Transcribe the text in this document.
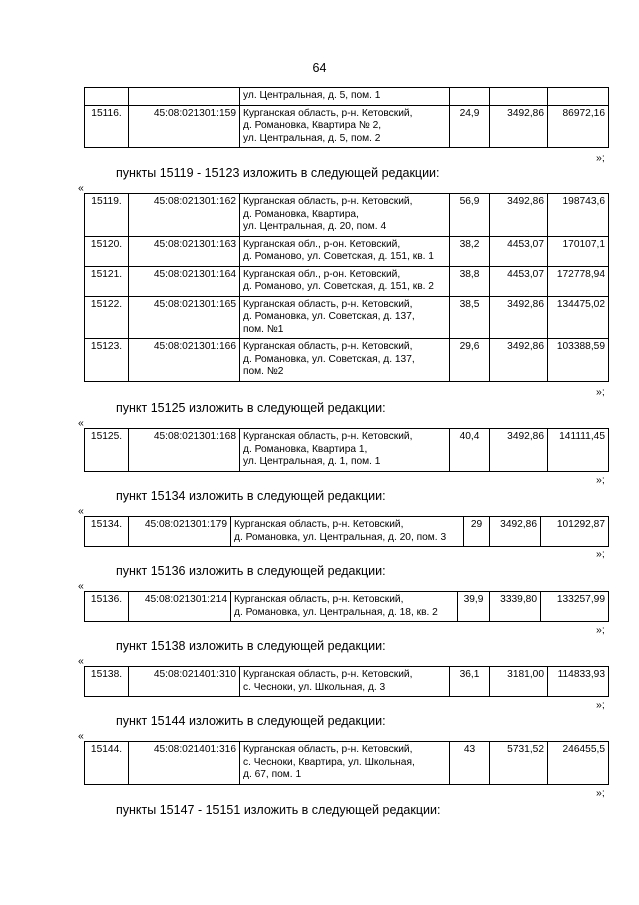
64

		ул. Центральная, д. 5, пом. 1			

15116.	45:08:021301:159	Курганская область, р-н. Кетовский,
д. Романовка, Квартира № 2,
ул. Центральная, д. 5, пом. 2	24,9	3492,86	86972,16
»;
пункты 15119 - 15123 изложить в следующей редакции:
«
15119.	45:08:021301:162	Курганская область, р-н. Кетовский,
д. Романовка, Квартира,
ул. Центральная, д. 20, пом. 4	56,9	3492,86	198743,6
15120.	45:08:021301:163	Курганская обл., р-он. Кетовский,
д. Романово, ул. Советская, д. 151, кв. 1	38,2	4453,07	170107,1
15121.	45:08:021301:164	Курганская обл., р-он. Кетовский,
д. Романово, ул. Советская, д. 151, кв. 2	38,8	4453,07	172778,94
15122.	45:08:021301:165	Курганская область, р-н. Кетовский,
д. Романовка, ул. Советская, д. 137,
пом. №1	38,5	3492,86	134475,02
15123.	45:08:021301:166	Курганская область, р-н. Кетовский,
д. Романовка, ул. Советская, д. 137,
пом. №2	29,6	3492,86	103388,59
»;
пункт 15125 изложить в следующей редакции:
«
15125.	45:08:021301:168	Курганская область, р-н. Кетовский,
д. Романовка, Квартира 1,
ул. Центральная, д. 1, пом. 1
	40,4	3492,86	141111,45
»;
пункт 15134 изложить в следующей редакции:
«
15134.	45:08:021301:179	Курганская область, р-н. Кетовский,
д. Романовка, ул. Центральная, д. 20, пом. 3
	29	3492,86	101292,87
»;
пункт 15136 изложить в следующей редакции:
«
15136.	45:08:021301:214	Курганская область, р-н. Кетовский,
д. Романовка, ул. Центральная, д. 18, кв. 2
	39,9	3339,80	133257,99
»;
пункт 15138 изложить в следующей редакции:
«
15138.	45:08:021401:310	Курганская область, р-н. Кетовский,
с. Чесноки, ул. Школьная, д. 3
	36,1	3181,00	114833,93
»;
пункт 15144 изложить в следующей редакции:
«
15144.	45:08:021401:316	Курганская область, р-н. Кетовский,
с. Чесноки, Квартира, ул. Школьная,
д. 67, пом. 1
	43	5731,52	246455,5
»;
пункты 15147 - 15151 изложить в следующей редакции:
